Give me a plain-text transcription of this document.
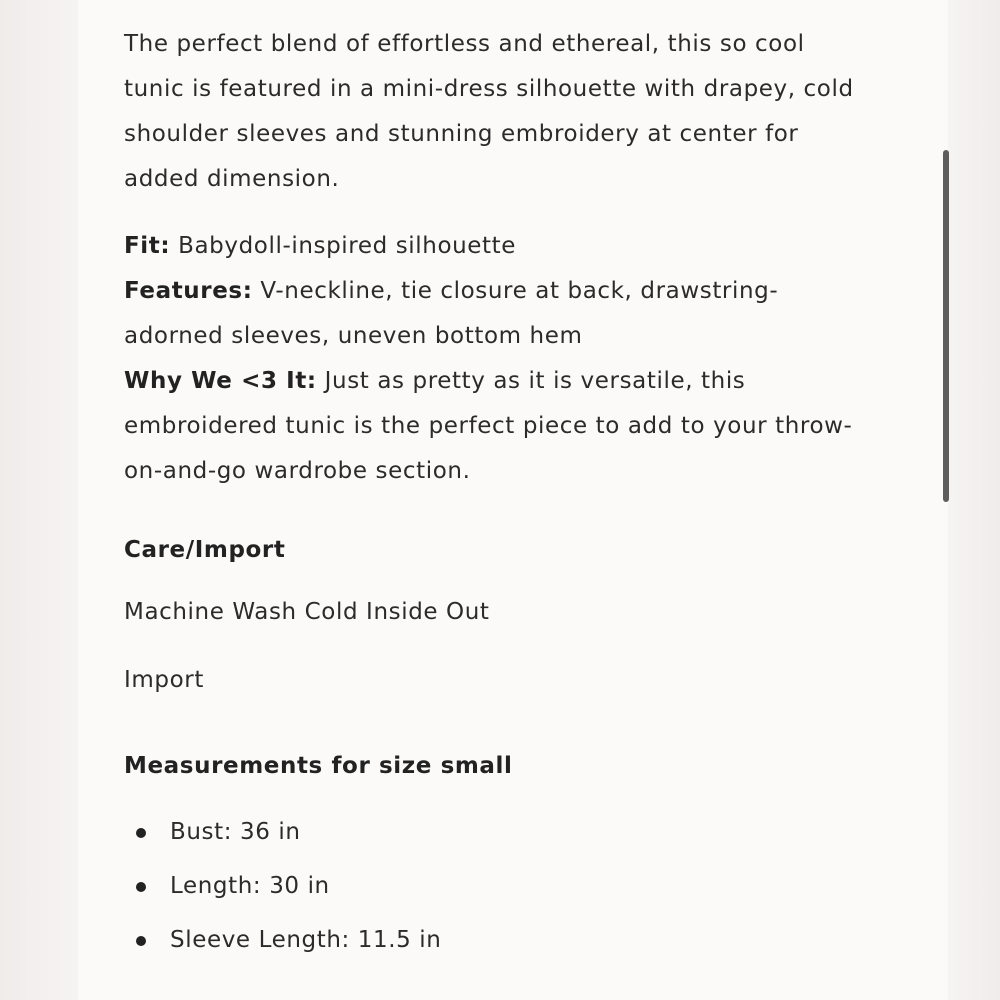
The perfect blend of effortless and ethereal, this so cool

tunic is featured in a mini-dress silhouette with drapey, cold

shoulder sleeves and stunning embroidery at center for

added dimension.

Fit: Babydoll-inspired silhouette

Features: V-neckline, tie closure at back, drawstring-

adorned sleeves, uneven bottom hem

Why We <3 It: Just as pretty as it is versatile, this

embroidered tunic is the perfect piece to add to your throw-

on-and-go wardrobe section.

Care/Import

Machine Wash Cold Inside Out

Import

Measurements for size small

Bust: 36 in
Length: 30 in
Sleeve Length: 11.5 in
